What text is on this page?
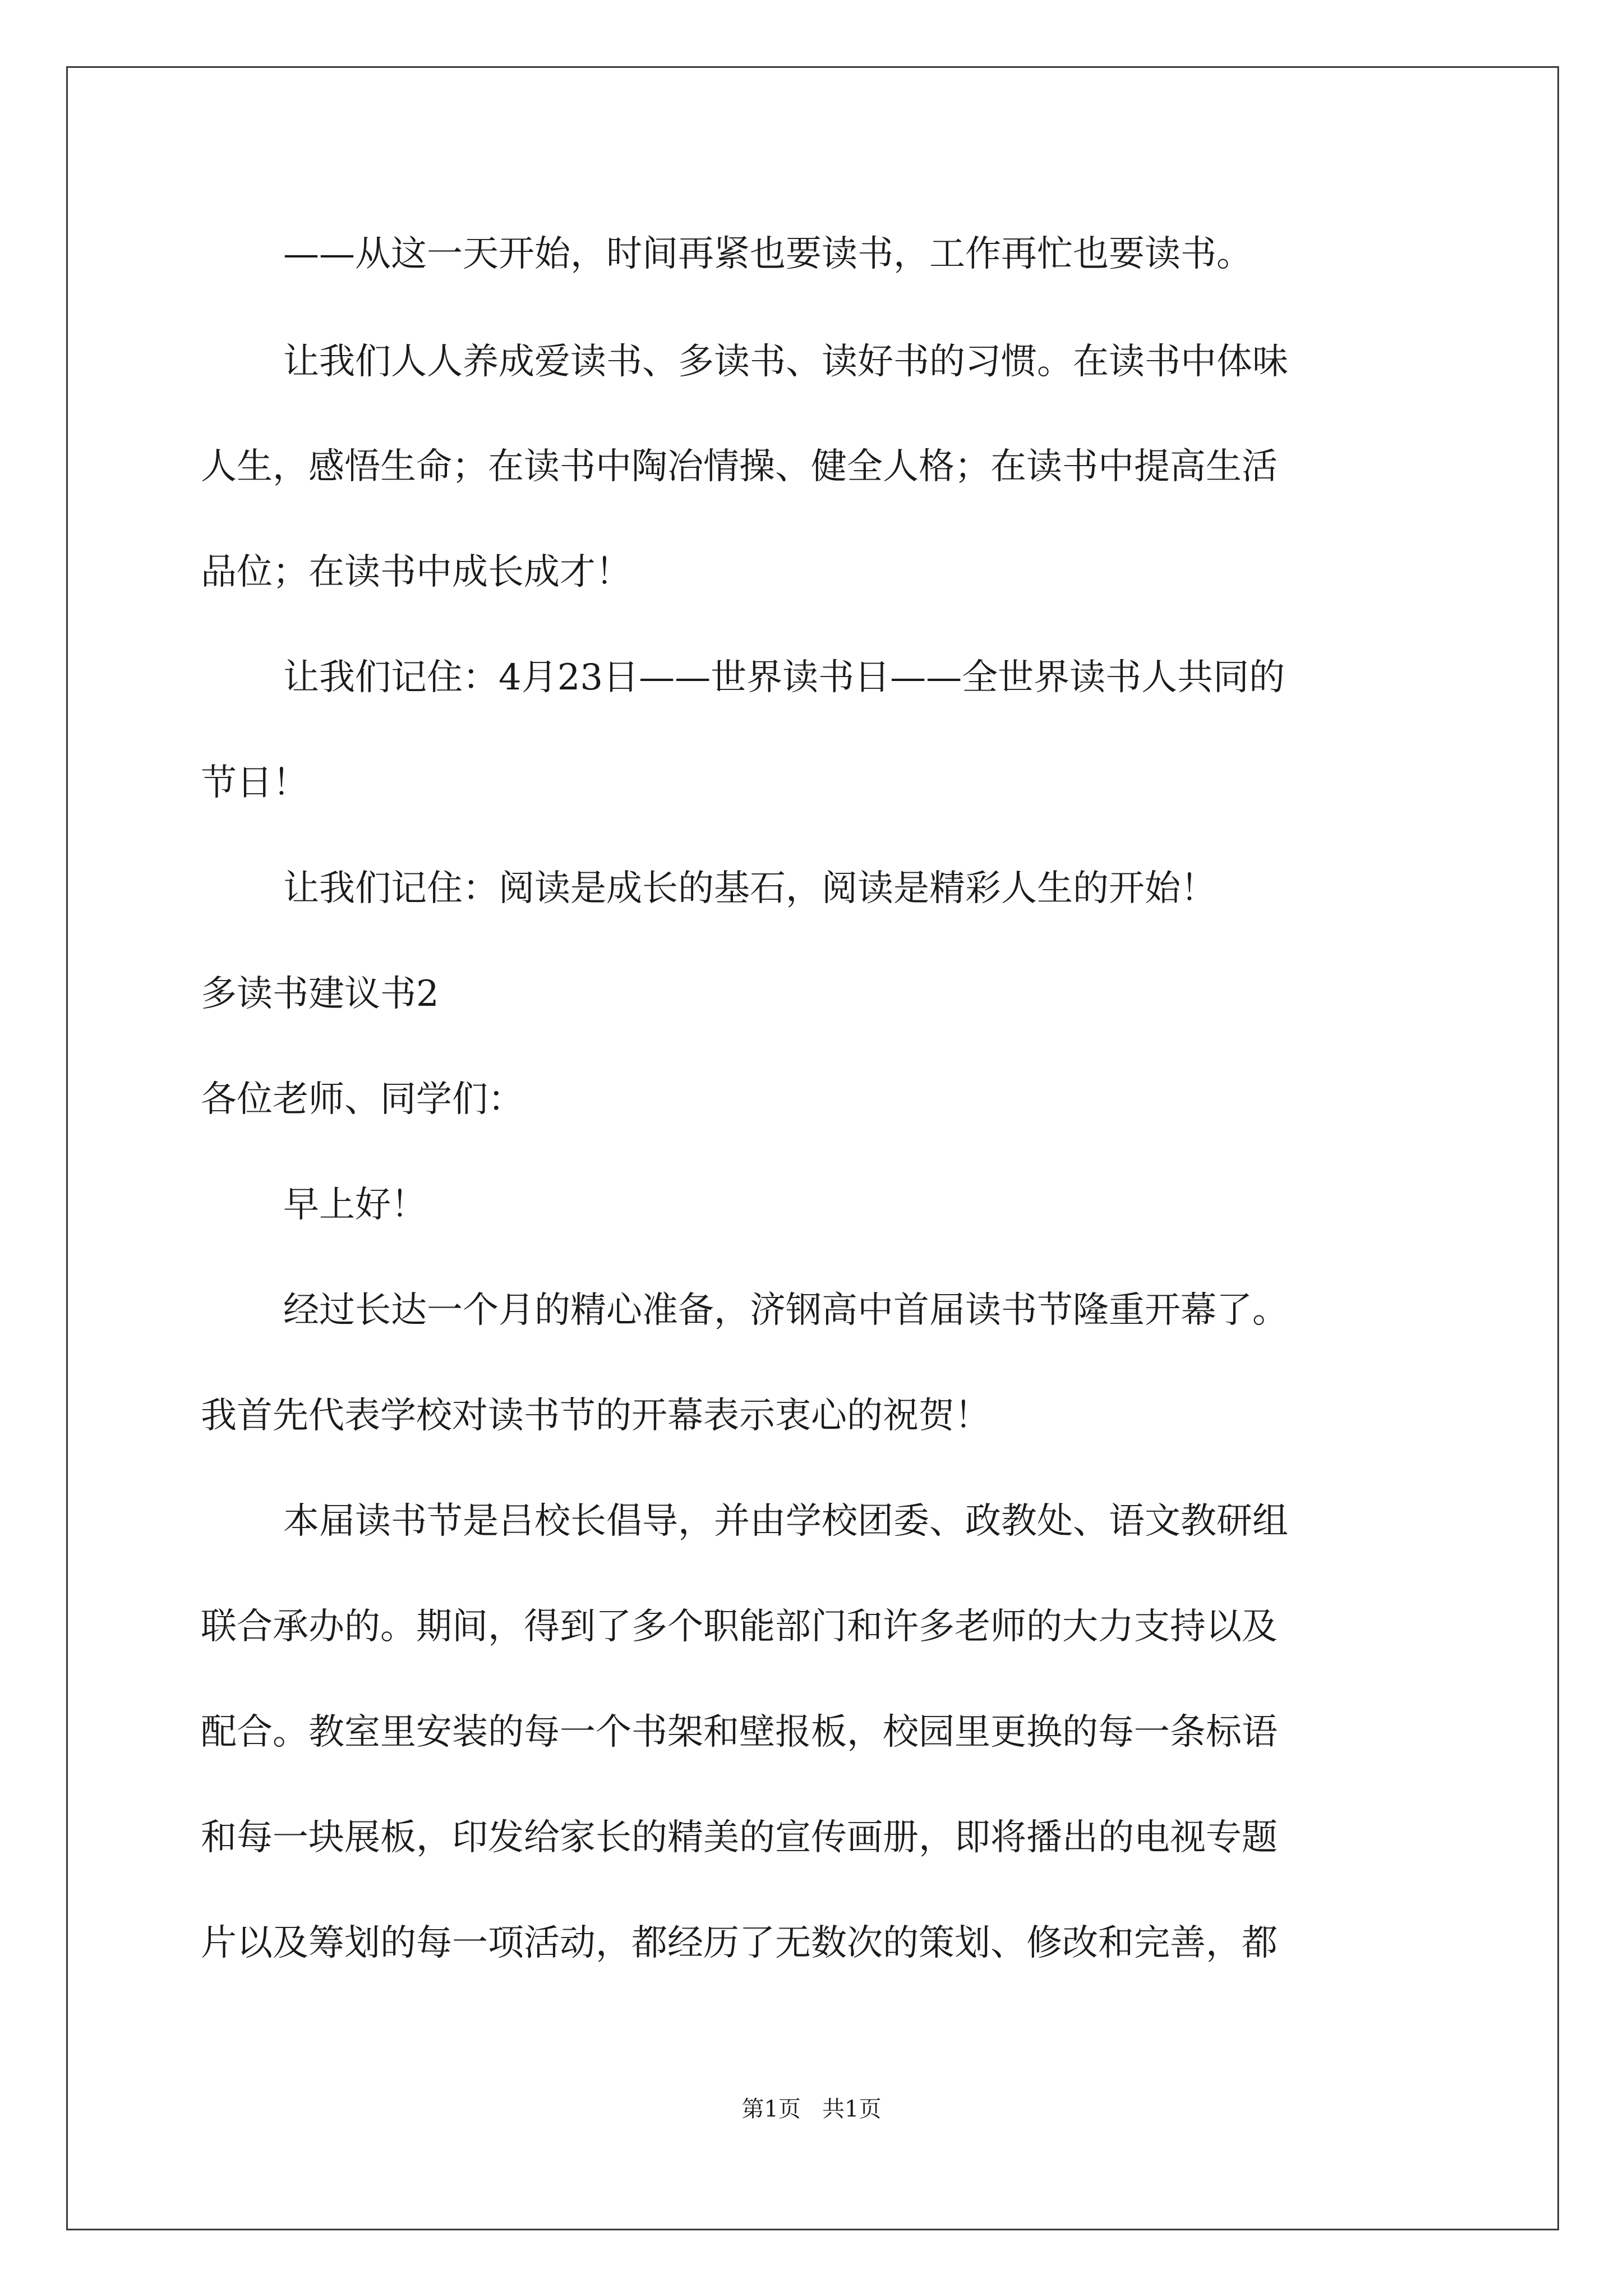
——从这一天开始，时间再紧也要读书，工作再忙也要读书。
让我们人人养成爱读书、多读书、读好书的习惯。在读书中体味
人生，感悟生命；在读书中陶冶情操、健全人格；在读书中提高生活
品位；在读书中成长成才！
让我们记住：4月23日——世界读书日——全世界读书人共同的
节日！
让我们记住：阅读是成长的基石，阅读是精彩人生的开始！
多读书建议书2
各位老师、同学们：
早上好！
经过长达一个月的精心准备，济钢高中首届读书节隆重开幕了。
我首先代表学校对读书节的开幕表示衷心的祝贺！
本届读书节是吕校长倡导，并由学校团委、政教处、语文教研组
联合承办的。期间，得到了多个职能部门和许多老师的大力支持以及
配合。教室里安装的每一个书架和壁报板，校园里更换的每一条标语
和每一块展板，印发给家长的精美的宣传画册，即将播出的电视专题
片以及筹划的每一项活动，都经历了无数次的策划、修改和完善，都
第1页   共1页
